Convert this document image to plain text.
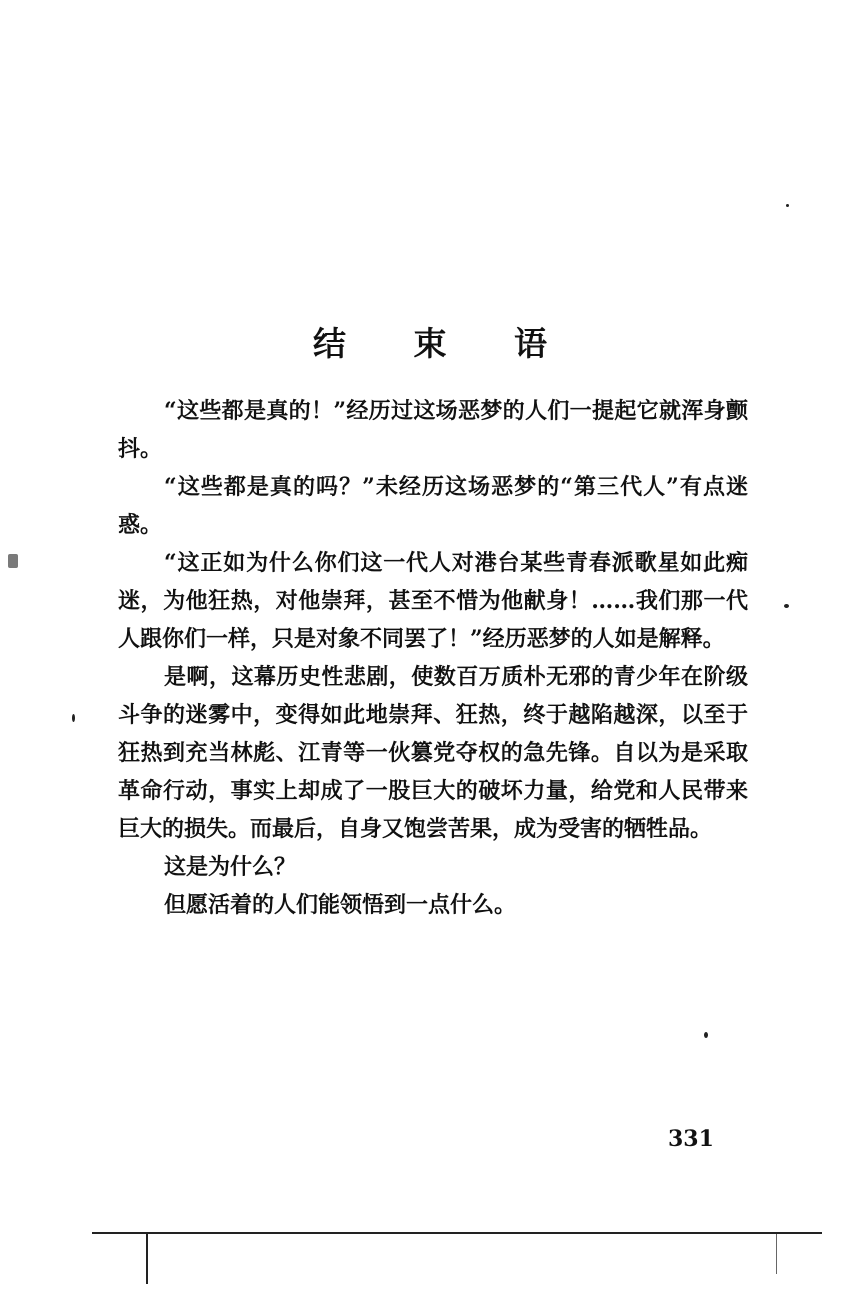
结 束 语

“这些都是真的！”经历过这场恶梦的人们一提起它就浑身颤抖。

“这些都是真的吗？”未经历这场恶梦的“第三代人”有点迷惑。

“这正如为什么你们这一代人对港台某些青春派歌星如此痴迷，为他狂热，对他崇拜，甚至不惜为他献身！……我们那一代人跟你们一样，只是对象不同罢了！”经历恶梦的人如是解释。

是啊，这幕历史性悲剧，使数百万质朴无邪的青少年在阶级斗争的迷雾中，变得如此地崇拜、狂热，终于越陷越深，以至于狂热到充当林彪、江青等一伙篡党夺权的急先锋。自以为是采取革命行动，事实上却成了一股巨大的破坏力量，给党和人民带来巨大的损失。而最后，自身又饱尝苦果，成为受害的牺牲品。

这是为什么？

但愿活着的人们能领悟到一点什么。

331
